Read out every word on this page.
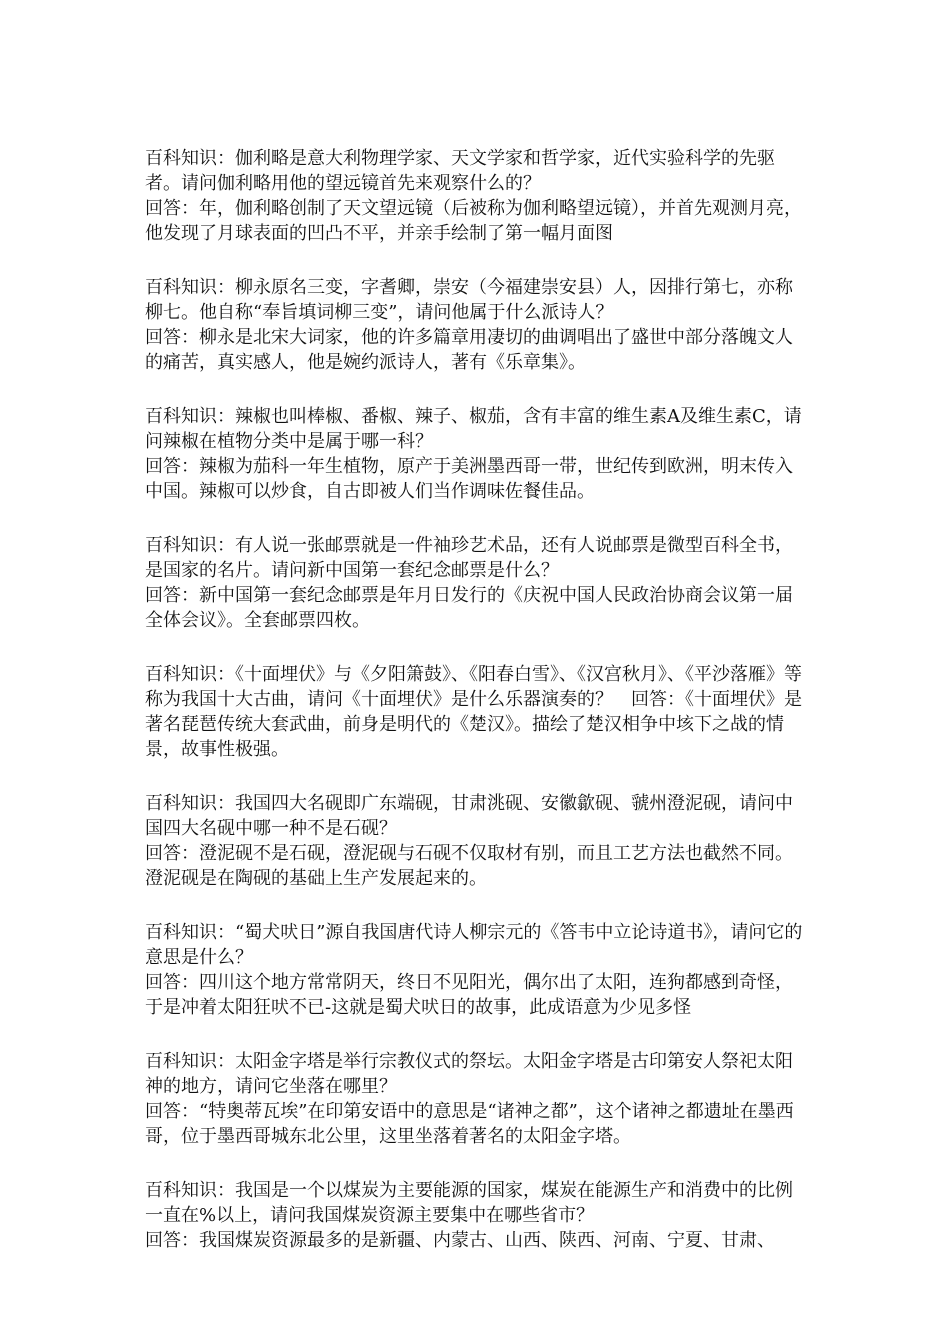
百科知识：伽利略是意大利物理学家、天文学家和哲学家，近代实验科学的先驱者。请问伽利略用他的望远镜首先来观察什么的？

回答：年，伽利略创制了天文望远镜（后被称为伽利略望远镜），并首先观测月亮，他发现了月球表面的凹凸不平，并亲手绘制了第一幅月面图

百科知识：柳永原名三变，字耆卿，崇安（今福建崇安县）人，因排行第七，亦称柳七。他自称“奉旨填词柳三变”，请问他属于什么派诗人？

回答：柳永是北宋大词家，他的许多篇章用凄切的曲调唱出了盛世中部分落魄文人的痛苦，真实感人，他是婉约派诗人，著有《乐章集》。

百科知识：辣椒也叫棒椒、番椒、辣子、椒茄，含有丰富的维生素A及维生素C，请问辣椒在植物分类中是属于哪一科？

回答：辣椒为茄科一年生植物，原产于美洲墨西哥一带，世纪传到欧洲，明末传入中国。辣椒可以炒食，自古即被人们当作调味佐餐佳品。

百科知识：有人说一张邮票就是一件袖珍艺术品，还有人说邮票是微型百科全书，是国家的名片。请问新中国第一套纪念邮票是什么？

回答：新中国第一套纪念邮票是年月日发行的《庆祝中国人民政治协商会议第一届全体会议》。全套邮票四枚。

百科知识：《十面埋伏》与《夕阳箫鼓》、《阳春白雪》、《汉宫秋月》、《平沙落雁》等称为我国十大古曲，请问《十面埋伏》是什么乐器演奏的？　回答：《十面埋伏》是著名琵琶传统大套武曲，前身是明代的《楚汉》。描绘了楚汉相争中垓下之战的情景，故事性极强。

百科知识：我国四大名砚即广东端砚，甘肃洮砚、安徽歙砚、虢州澄泥砚，请问中国四大名砚中哪一种不是石砚？

回答：澄泥砚不是石砚，澄泥砚与石砚不仅取材有别，而且工艺方法也截然不同。澄泥砚是在陶砚的基础上生产发展起来的。

百科知识：“蜀犬吠日”源自我国唐代诗人柳宗元的《答韦中立论诗道书》，请问它的意思是什么？

回答：四川这个地方常常阴天，终日不见阳光，偶尔出了太阳，连狗都感到奇怪，于是冲着太阳狂吠不已-这就是蜀犬吠日的故事，此成语意为少见多怪

百科知识：太阳金字塔是举行宗教仪式的祭坛。太阳金字塔是古印第安人祭祀太阳神的地方，请问它坐落在哪里？

回答：“特奥蒂瓦埃”在印第安语中的意思是“诸神之都”，这个诸神之都遗址在墨西哥，位于墨西哥城东北公里，这里坐落着著名的太阳金字塔。

百科知识：我国是一个以煤炭为主要能源的国家，煤炭在能源生产和消费中的比例一直在%以上，请问我国煤炭资源主要集中在哪些省市？

回答：我国煤炭资源最多的是新疆、内蒙古、山西、陕西、河南、宁夏、甘肃、
